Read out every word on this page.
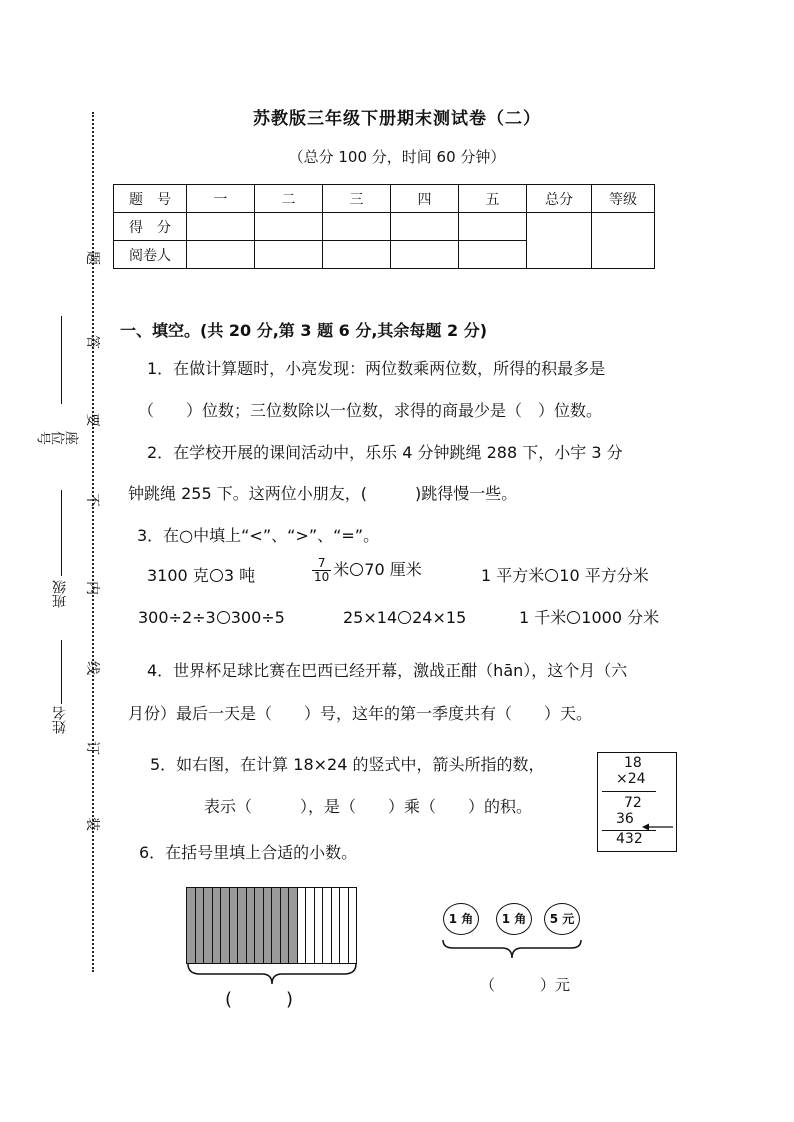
苏教版三年级下册期末测试卷（二）
（总分 100 分，时间 60 分钟）
题　号	一	二	三	四	五	总分	等级
得　分							
阅卷人							
题
答
要
不
内
线
订
装
座位号
班级
姓名
一、填空。(共 20 分,第 3 题 6 分,其余每题 2 分)
1．在做计算题时，小亮发现：两位数乘两位数，所得的积最多是
（　　）位数；三位数除以一位数，求得的商最少是（　）位数。
2．在学校开展的课间活动中，乐乐 4 分钟跳绳 288 下，小宇 3 分
钟跳绳 255 下。这两位小朋友，(　　　)跳得慢一些。
3．在○中填上“<”、“>”、“=”。
3100 克 3 吨	$\frac{7}{10}$ 米 70 厘米	1 平方米 10 平方分米
300÷2÷3 300÷5	25×14 24×15	1 千米 1000 分米
4．世界杯足球比赛在巴西已经开幕，激战正酣（hān），这个月（六
月份）最后一天是（　　）号，这年的第一季度共有（　　）天。
5．如右图，在计算 18×24 的竖式中，箭头所指的数，
表示（　　　），是（　　）乘（　　）的积。
18
×24
72
36
432
6．在括号里填上合适的小数。
(　　　)
1 角	1 角	5 元
（　　　）元
